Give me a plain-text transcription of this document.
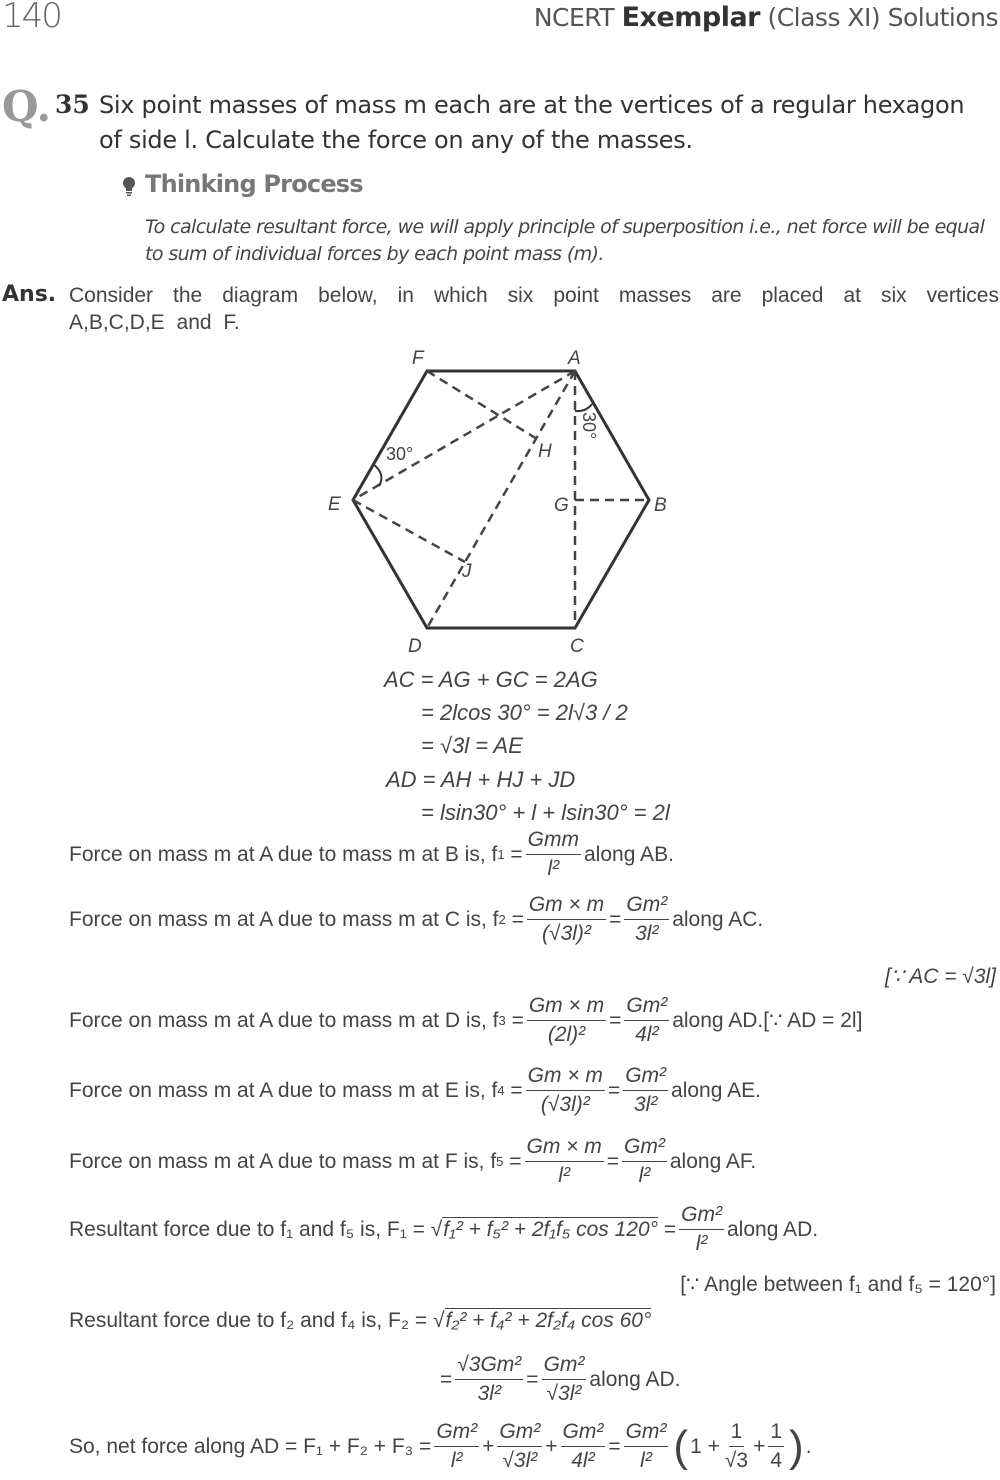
140	NCERT Exemplar (Class XI) Solutions
Q. 35 Six point masses of mass m each are at the vertices of a regular hexagon
of side l. Calculate the force on any of the masses.
Thinking Process
To calculate resultant force, we will apply principle of superposition i.e., net force will be equal to sum of individual forces by each point mass (m).
Ans. Consider the diagram below, in which six point masses are placed at six vertices A,B,C,D,E and F.
F	A
B
C
D
E	G
H
J
30°
30°
AC = AG + GC = 2AG
= 2lcos 30° = 2l√3 / 2
= √3l = AE
AD = AH + HJ + JD
= lsin30° + l + lsin30° = 2l
Force on mass m at A due to mass m at B is, f $1 = \frac{\text{Gmm}}{\text{l²}}$ along AB.
Force on mass m at A due to mass m at C is, f $2 = \frac{Gm \times m}{\text{(√3l)²}} = \frac{\text{Gm²}}{\text{3l²}}$ along AC.
[∵ AC = √3l]
Force on mass m at A due to mass m at D is, f $3 = \frac{Gm \times m}{\text{(2l)²}} = \frac{\text{Gm²}}{\text{4l²}}$ along AD.[∵ AD = 2l]
Force on mass m at A due to mass m at E is, f $4 = \frac{Gm \times m}{\text{(√3l)²}} = \frac{\text{Gm²}}{\text{3l²}}$ along AE.
Force on mass m at A due to mass m at F is, f $5 = \frac{Gm \times m}{\text{l²}} = \frac{\text{Gm²}}{\text{l²}}$ along AF.
Resultant force due to f₁ and f₅ is, F₁ = √ f₁² + f₅² + 2f₁f₅ $\cos 120^\circ = \frac{\text{Gm²}}{\text{l²}}$ along AD.
[∵ Angle between f₁ and f₅ = 120°]
Resultant force due to f₂ and f₄ is, F₂ = √ f₂² + f₄² + 2f₂f₄ cos 60°
= $\frac{\text{√3Gm²}}{\text{3l²}} = \frac{\text{Gm²}}{\text{√3l²}}$ along AD.
So, net force along AD = $F_1 + F_2 + F_3 = \frac{\text{Gm²}}{\text{l²}} + \frac{\text{Gm²}}{\text{√3l²}} + \frac{\text{Gm²}}{\text{4l²}} = \frac{\text{Gm²}}{\text{l²}}$ ( $1 + \frac{1}{√3} + \frac{1}{4}$ ) .
